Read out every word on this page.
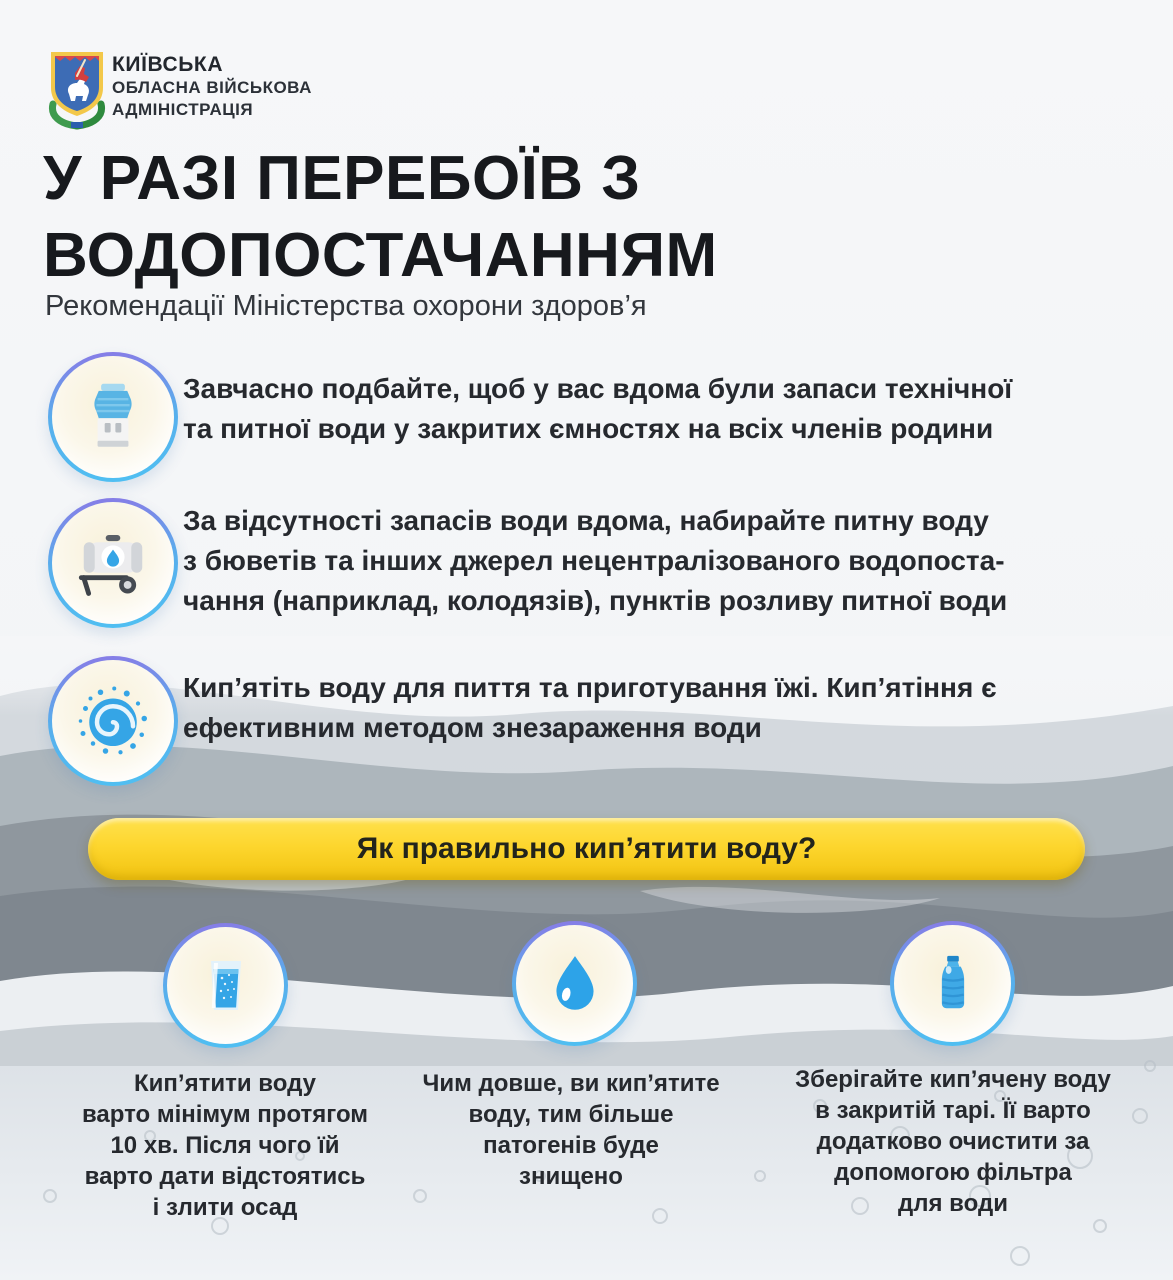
КИЇВСЬКА
ОБЛАСНА ВІЙСЬКОВА
АДМІНІСТРАЦІЯ
У РАЗІ ПЕРЕБОЇВ З
ВОДОПОСТАЧАННЯМ
Рекомендації Міністерства охорони здоров’я
Завчасно подбайте, щоб у вас вдома були запаси технічної
та питної води у закритих ємностях на всіх членів родини
За відсутності запасів води вдома, набирайте питну воду
з бюветів та інших джерел нецентралізованого водопоста-
чання (наприклад, колодязів), пунктів розливу питної води
Кип’ятіть воду для пиття та приготування їжі. Кип’ятіння є
ефективним методом знезараження води
Як правильно кип’ятити воду?
Кип’ятити воду
варто мінімум протягом
10 хв. Після чого їй
варто дати відстоятись
і злити осад
Чим довше, ви кип’ятите
воду, тим більше
патогенів буде
знищено
Зберігайте кип’ячену воду
в закритій тарі. Її варто
додатково очистити за
допомогою фільтра
для води
